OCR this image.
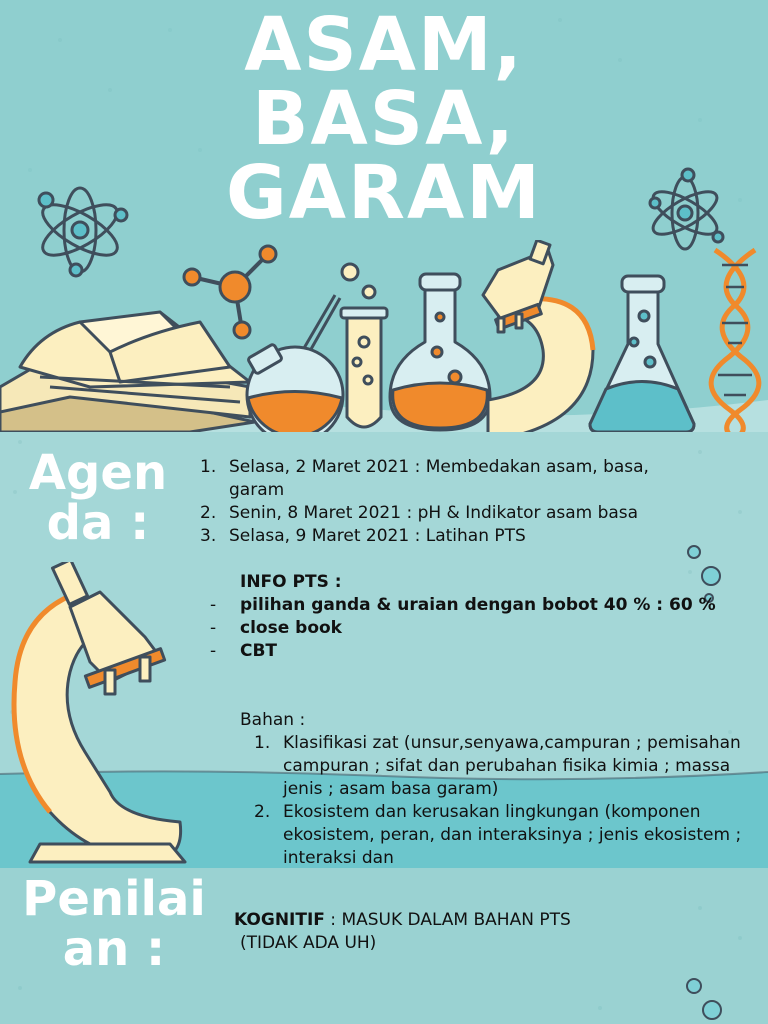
ASAM,
BASA,
GARAM
Agen
da :
1. Selasa, 2 Maret 2021 : Membedakan asam, basa, garam
2. Senin, 8 Maret 2021 : pH & Indikator asam basa
3. Selasa, 9 Maret 2021 : Latihan PTS

INFO PTS :

- pilihan ganda & uraian dengan bobot 40 % : 60 %
- close book
- CBT

Bahan :

1. Klasifikasi zat (unsur,senyawa,campuran ; pemisahan campuran ; sifat dan perubahan fisika kimia ; massa jenis ; asam basa garam)
2. Ekosistem dan kerusakan lingkungan (komponen ekosistem, peran, dan interaksinya ; jenis ekosistem ; interaksi dan
Penilai
an :

KOGNITIF : MASUK DALAM BAHAN PTS

(TIDAK ADA UH)
